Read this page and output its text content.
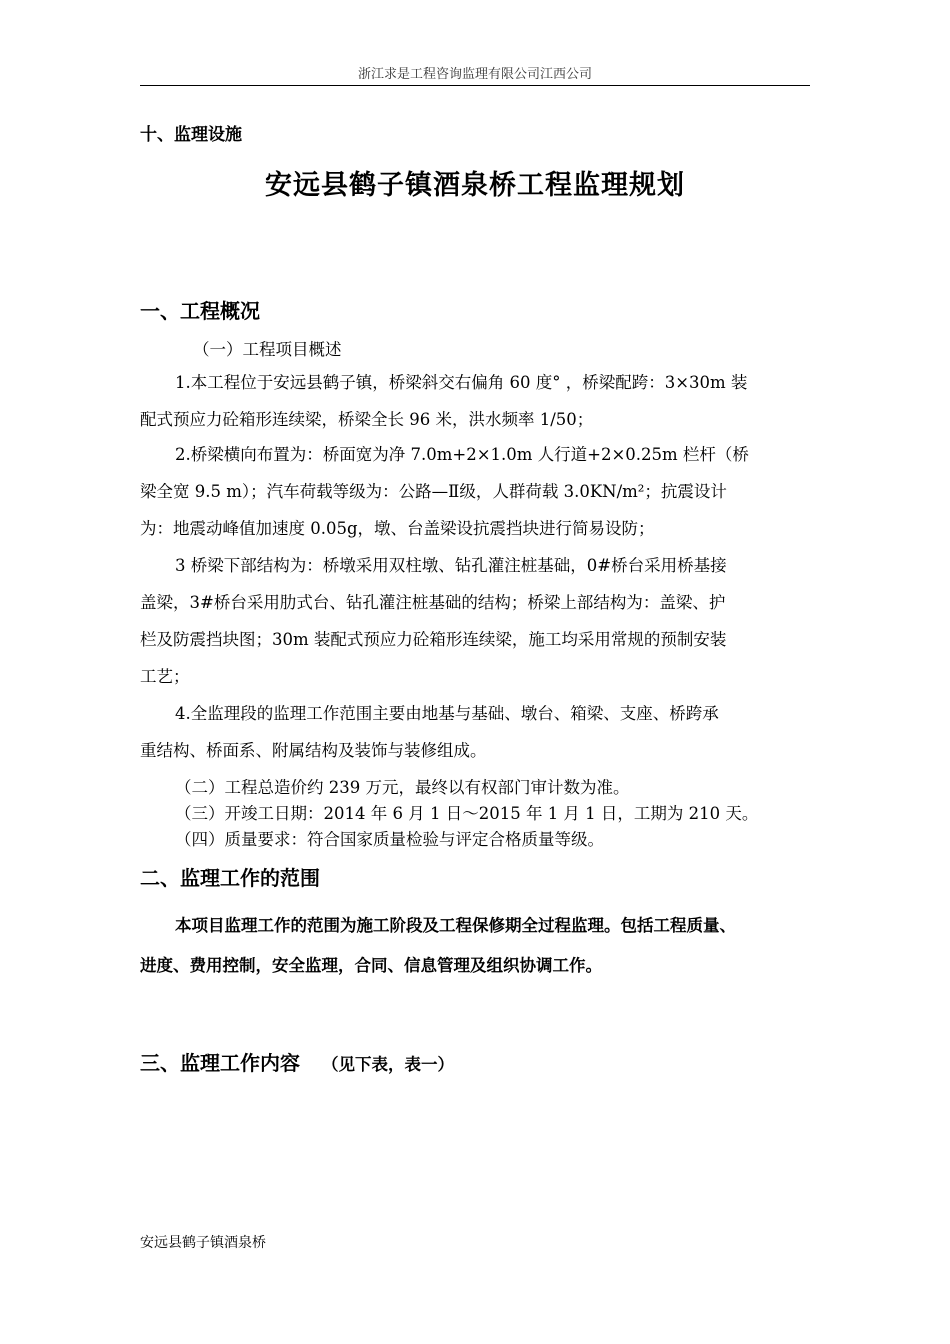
浙江求是工程咨询监理有限公司江西公司
十、监理设施
安远县鹤子镇酒泉桥工程监理规划
一、工程概况
（一）工程项目概述
1.本工程位于安远县鹤子镇，桥梁斜交右偏角 60 度° ，桥梁配跨：3×30m 装
配式预应力砼箱形连续梁，桥梁全长 96 米，洪水频率 1/50；
2.桥梁横向布置为：桥面宽为净 7.0m+2×1.0m 人行道+2×0.25m 栏杆（桥
梁全宽 9.5 m）；汽车荷载等级为：公路—Ⅱ级，人群荷载 3.0KN/m²；抗震设计
为：地震动峰值加速度 0.05g，墩、台盖梁设抗震挡块进行简易设防；
3 桥梁下部结构为：桥墩采用双柱墩、钻孔灌注桩基础，0#桥台采用桥基接
盖梁，3#桥台采用肋式台、钻孔灌注桩基础的结构；桥梁上部结构为：盖梁、护
栏及防震挡块图；30m 装配式预应力砼箱形连续梁，施工均采用常规的预制安装
工艺；
4.全监理段的监理工作范围主要由地基与基础、墩台、箱梁、支座、桥跨承
重结构、桥面系、附属结构及装饰与装修组成。
（二）工程总造价约 239 万元，最终以有权部门审计数为准。
（三）开竣工日期：2014 年 6 月 1 日～2015 年 1 月 1 日，工期为 210 天。
（四）质量要求：符合国家质量检验与评定合格质量等级。
二、监理工作的范围
本项目监理工作的范围为施工阶段及工程保修期全过程监理。包括工程质量、
进度、费用控制，安全监理，合同、信息管理及组织协调工作。
三、监理工作内容 （见下表，表一）
安远县鹤子镇酒泉桥
